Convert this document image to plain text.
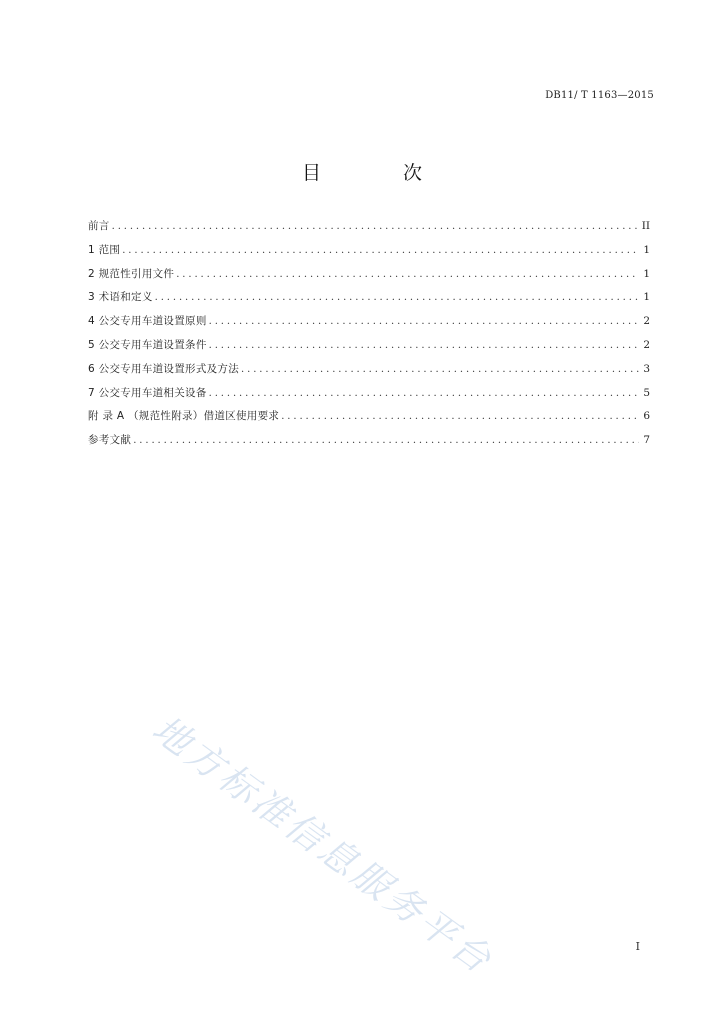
DB11/ T 1163—2015
目 次
前言 .....	II
1 范围 .....	1
2 规范性引用文件 .....	1
3 术语和定义 .....	1
4 公交专用车道设置原则 .....	2
5 公交专用车道设置条件 .....	2
6 公交专用车道设置形式及方法 .....	3
7 公交专用车道相关设备 .....	5
附 录 A （规范性附录）借道区使用要求 .....	6
参考文献 .....	7
地方标准信息服务平台	I
